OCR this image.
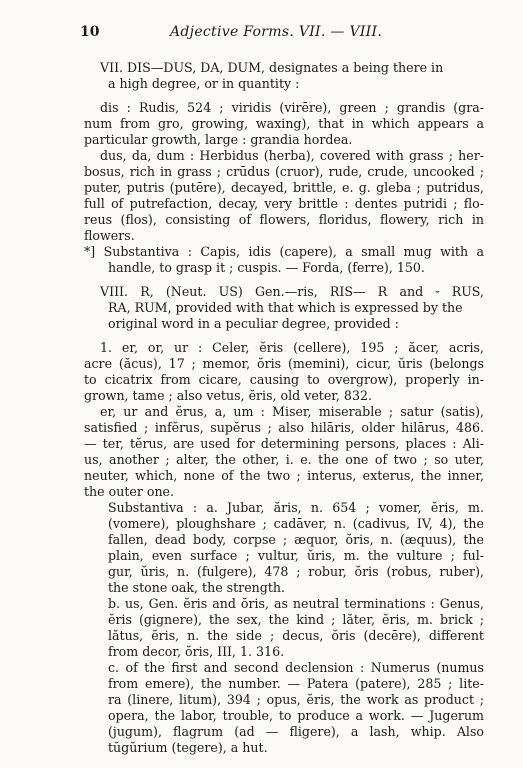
10	Adjective Forms. VII. — VIII.
VII. DIS—DUS, DA, DUM, designates a being there in
a high degree, or in quantity :
dis : Rudis, 524 ; viridis (virēre), green ; grandis (gra-
num from gro, growing, waxing), that in which appears a
particular growth, large : grandia hordea.
dus, da, dum : Herbidus (herba), covered with grass ; her-
bosus, rich in grass ; crūdus (cruor), rude, crude, uncooked ;
puter, putris (putēre), decayed, brittle, e. g. gleba ; putridus,
full of putrefaction, decay, very brittle : dentes putridi ; flo-
reus (flos), consisting of flowers, floridus, flowery, rich in
flowers.
*] Substantiva : Capis, idis (capere), a small mug with a
handle, to grasp it ; cuspis. — Forda, (ferre), 150.
VIII. R, (Neut. US) Gen.—ris, RIS— R and ⏑ RUS,
RA, RUM, provided with that which is expressed by the
original word in a peculiar degree, provided :
1. er, or, ur : Celer, ĕris (cellere), 195 ; ăcer, acris,
acre (ăcus), 17 ; memor, ŏris (memini), cicur, ŭris (belongs
to cicatrix from cicare, causing to overgrow), properly in-
grown, tame ; also vetus, ĕris, old veter, 832.
er, ur and ĕrus, a, um : Miser, miserable ; satur (satis),
satisfied ; infĕrus, supĕrus ; also hilāris, older hilārus, 486.
— ter, tĕrus, are used for determining persons, places : Ali-
us, another ; alter, the other, i. e. the one of two ; so uter,
neuter, which, none of the two ; interus, exterus, the inner,
the outer one.
Substantiva : a. Jubar, ăris, n. 654 ; vomer, ĕris, m.
(vomere), ploughshare ; cadāver, n. (cadivus, IV, 4), the
fallen, dead body, corpse ; æquor, ŏris, n. (æquus), the
plain, even surface ; vultur, ŭris, m. the vulture ; ful-
gur, ŭris, n. (fulgere), 478 ; robur, ŏris (robus, ruber),
the stone oak, the strength.
b. us, Gen. ĕris and ŏris, as neutral terminations : Genus,
ĕris (gignere), the sex, the kind ; lăter, ĕris, m. brick ;
lătus, ĕris, n. the side ; decus, ŏris (decēre), different
from decor, ŏris, III, 1. 316.
c. of the first and second declension : Numerus (numus
from emere), the number. — Patera (patere), 285 ; lite-
ra (linere, litum), 394 ; opus, ĕris, the work as product ;
opera, the labor, trouble, to produce a work. — Jugerum
(jugum), flagrum (ad — fligere), a lash, whip. Also
tŭgŭrium (tegere), a hut.
